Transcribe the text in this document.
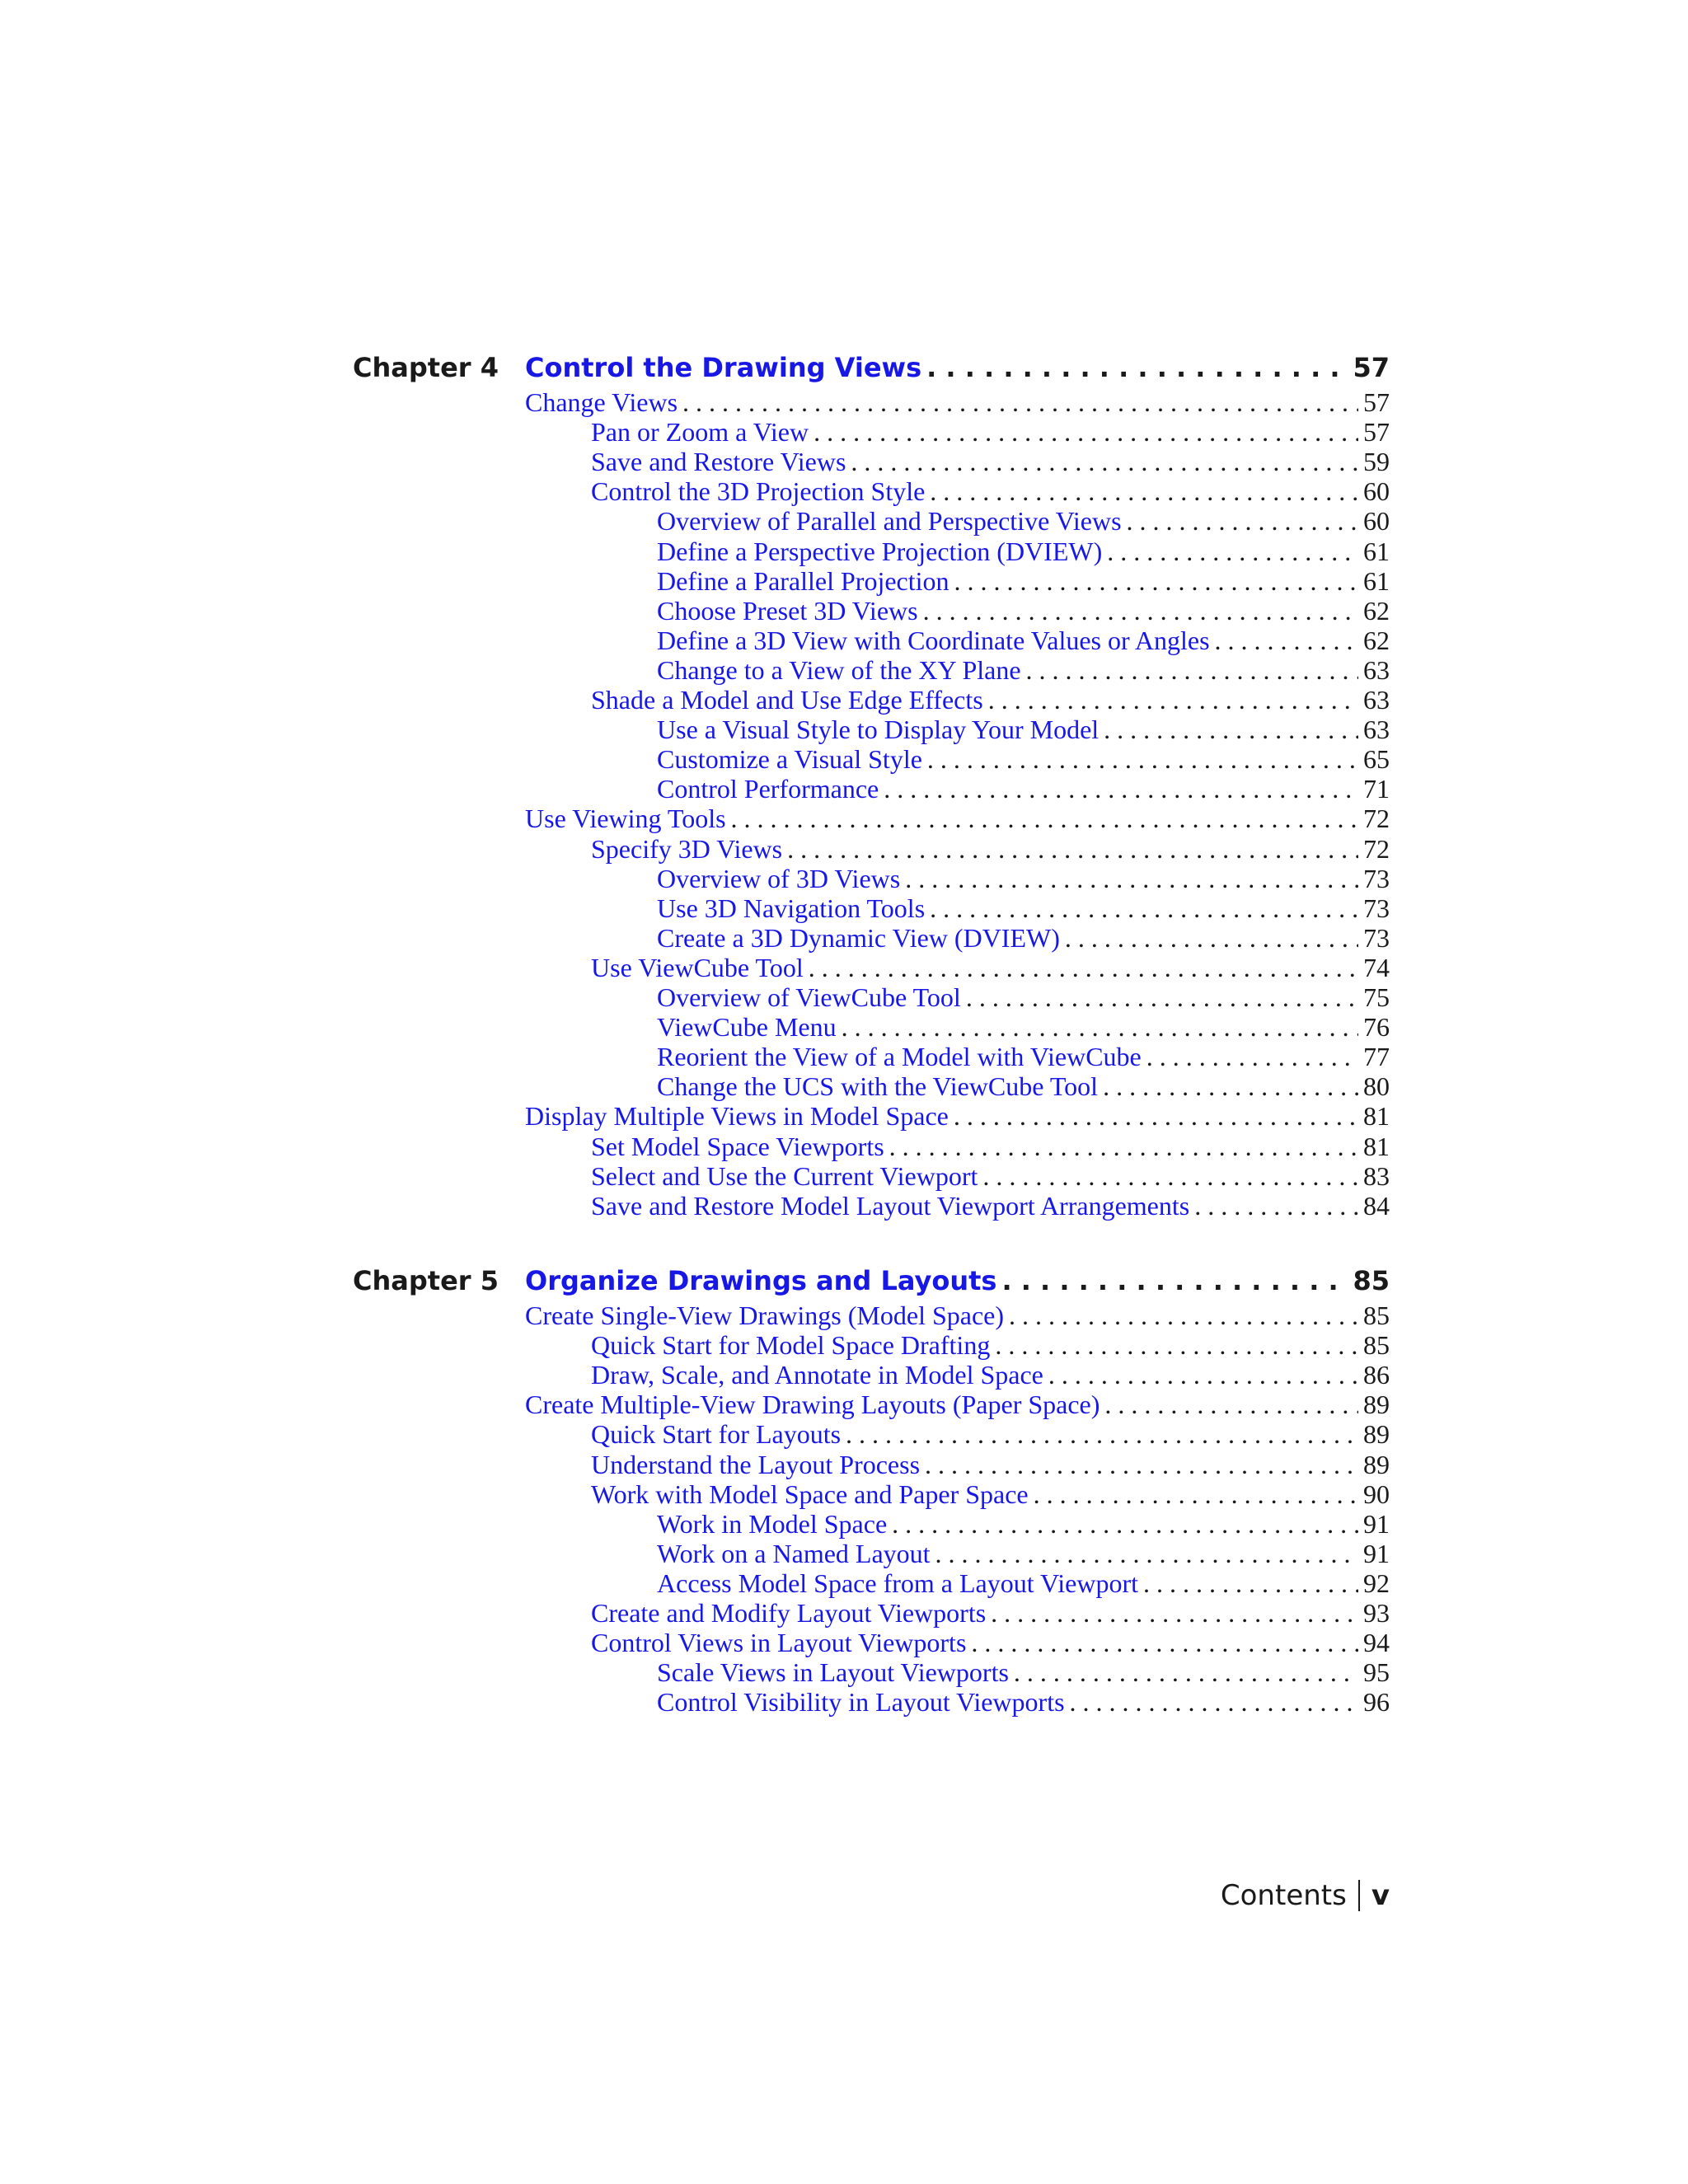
Chapter 4 Control the Drawing Views . . .	57
Change Views . . .	57
Pan or Zoom a View . . .	57
Save and Restore Views . . .	59
Control the 3D Projection Style . . .	60
Overview of Parallel and Perspective Views . . .	60
Define a Perspective Projection (DVIEW) . . .	61
Define a Parallel Projection . . .	61
Choose Preset 3D Views . . .	62
Define a 3D View with Coordinate Values or Angles . . .	62
Change to a View of the XY Plane . . .	63
Shade a Model and Use Edge Effects . . .	63
Use a Visual Style to Display Your Model . . .	63
Customize a Visual Style . . .	65
Control Performance . . .	71
Use Viewing Tools . . .	72
Specify 3D Views . . .	72
Overview of 3D Views . . .	73
Use 3D Navigation Tools . . .	73
Create a 3D Dynamic View (DVIEW) . . .	73
Use ViewCube Tool . . .	74
Overview of ViewCube Tool . . .	75
ViewCube Menu . . .	76
Reorient the View of a Model with ViewCube . . .	77
Change the UCS with the ViewCube Tool . . .	80
Display Multiple Views in Model Space . . .	81
Set Model Space Viewports . . .	81
Select and Use the Current Viewport . . .	83
Save and Restore Model Layout Viewport Arrangements . . .	84
Chapter 5 Organize Drawings and Layouts . . .	85
Create Single-View Drawings (Model Space) . . .	85
Quick Start for Model Space Drafting . . .	85
Draw, Scale, and Annotate in Model Space . . .	86
Create Multiple-View Drawing Layouts (Paper Space) . . .	89
Quick Start for Layouts . . .	89
Understand the Layout Process . . .	89
Work with Model Space and Paper Space . . .	90
Work in Model Space . . .	91
Work on a Named Layout . . .	91
Access Model Space from a Layout Viewport . . .	92
Create and Modify Layout Viewports . . .	93
Control Views in Layout Viewports . . .	94
Scale Views in Layout Viewports . . .	95
Control Visibility in Layout Viewports . . .	96
Contents v
